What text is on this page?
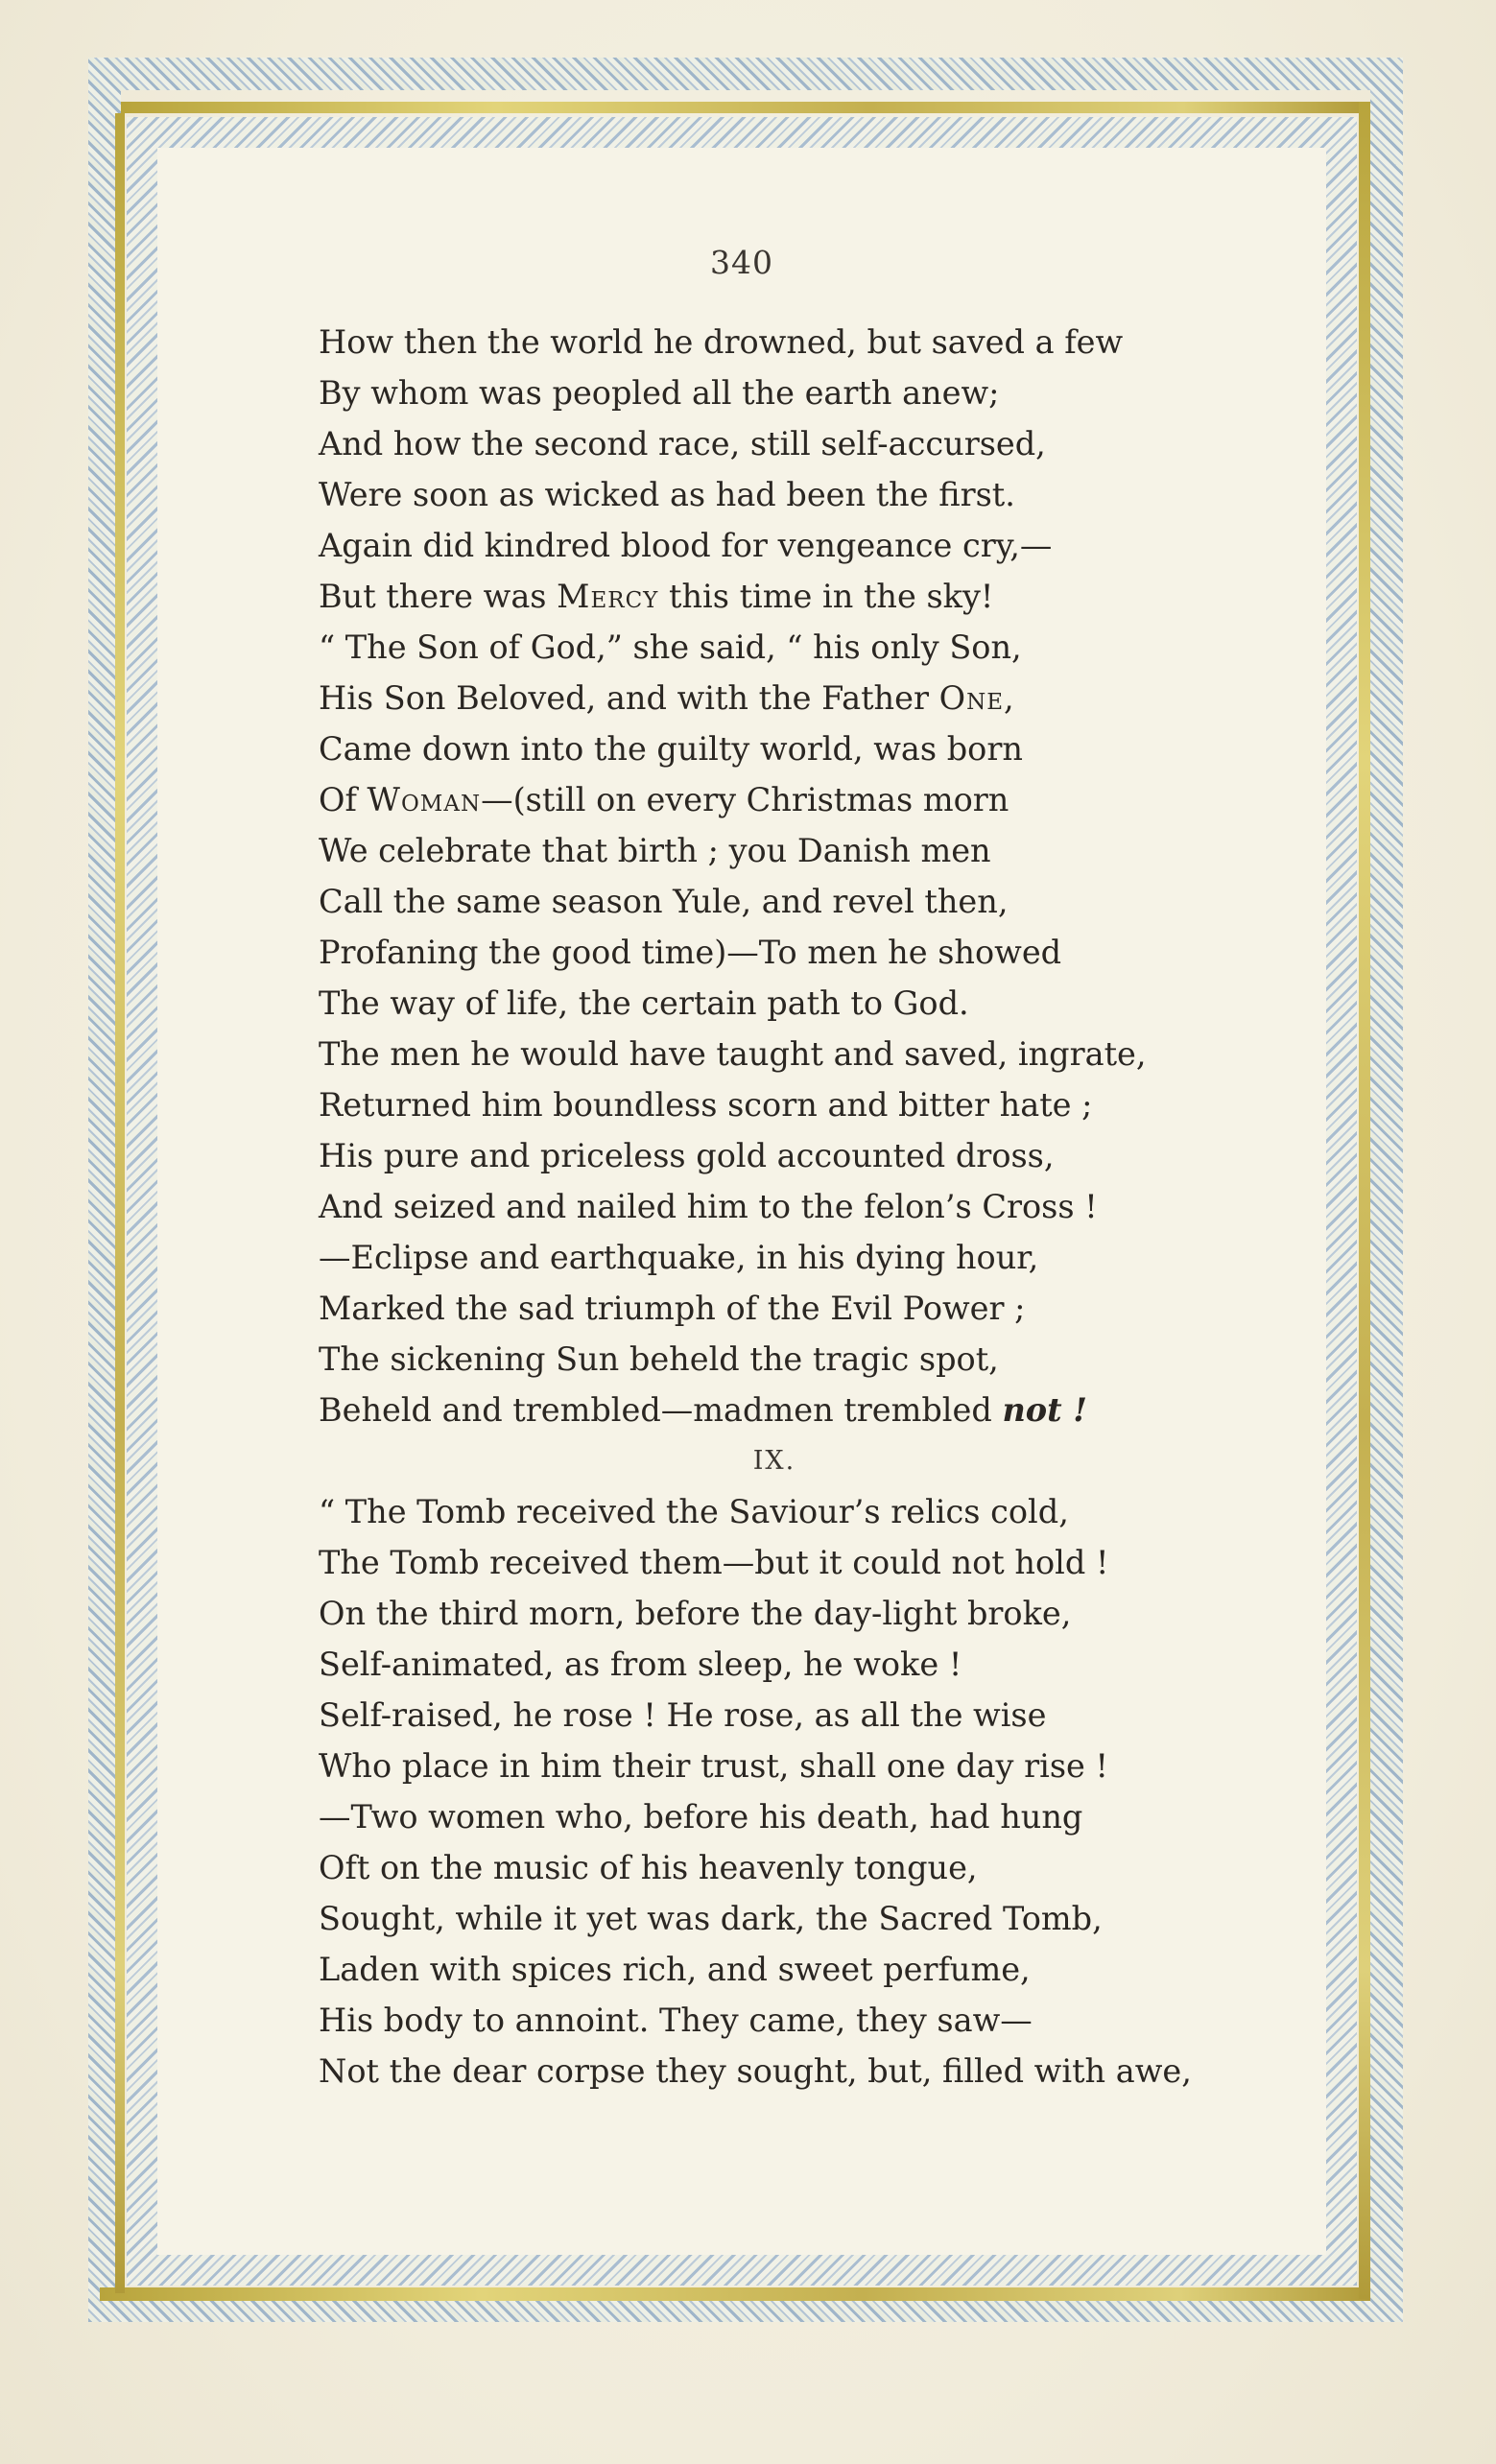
340
How then the world he drowned, but saved a few
By whom was peopled all the earth anew;
And how the second race, still self-accursed,
Were soon as wicked as had been the first.
Again did kindred blood for vengeance cry,—
But there was Mercy this time in the sky!
“ The Son of God,” she said, “ his only Son,
His Son Beloved, and with the Father One,
Came down into the guilty world, was born
Of Woman—(still on every Christmas morn
We celebrate that birth ; you Danish men
Call the same season Yule, and revel then,
Profaning the good time)—To men he showed
The way of life, the certain path to God.
The men he would have taught and saved, ingrate,
Returned him boundless scorn and bitter hate ;
His pure and priceless gold accounted dross,
And seized and nailed him to the felon’s Cross !
—Eclipse and earthquake, in his dying hour,
Marked the sad triumph of the Evil Power ;
The sickening Sun beheld the tragic spot,
Beheld and trembled—madmen trembled not !
IX.
“ The Tomb received the Saviour’s relics cold,
The Tomb received them—but it could not hold !
On the third morn, before the day-light broke,
Self-animated, as from sleep, he woke !
Self-raised, he rose ! He rose, as all the wise
Who place in him their trust, shall one day rise !
—Two women who, before his death, had hung
Oft on the music of his heavenly tongue,
Sought, while it yet was dark, the Sacred Tomb,
Laden with spices rich, and sweet perfume,
His body to annoint. They came, they saw—
Not the dear corpse they sought, but, filled with awe,
